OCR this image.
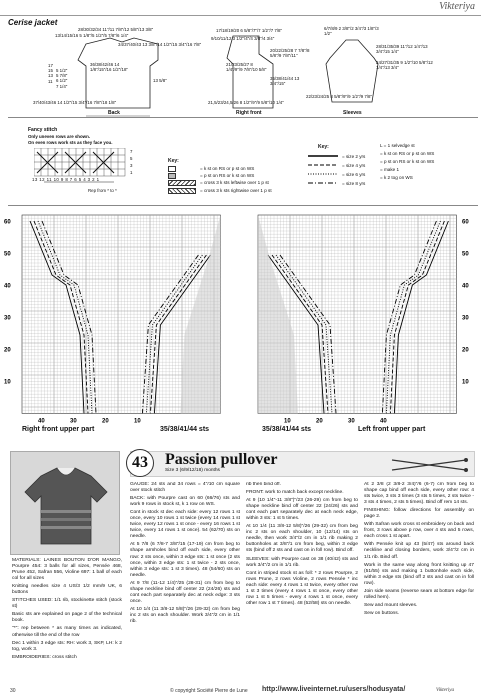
Vikteriya
Cerise jacket
28/30/32/34 11"/11 7/8"/12 5/8"/13 3/8"
13/14/15/16 5 1/8"/5 1/2"/5 7/8"/6 1/4"
34/37/40/43 13 3/8"/14 1/2"/15 3/4"/16 7/8"
17
15
13
11
5 1/2"
5 7/8"
6 1/2"
7 1/4"
36/38/42/46 14 1/8"/15"/16 1/2"/18"
13 5/8"
37/40/43/46 14 1/2"/15 3/4"/16 7/8"/18 1/8"
Back
17/18/19/20 6 5/8"/7"/7 1/2"/7 7/8"
9/10/11/12 3 1/2"/4"/4 3/8"/4 3/4"
20/22/25/28 7 7/8"/8 5/8"/9 7/8"/11"
21/23/25/27 8 1/4"/9"/9 7/8"/10 5/8"
35/38/41/44 13 3/4"/15"
21,5/23/24,5/26 8 1/2"/9"/9 5/8"/10 1/4"
Right front
6/7/8/9 2 3/8"/2 3/4"/3 1/8"/3 1/2"
28/31/35/39 11"/12 1/4"/13 3/4"/15 1/4"
24/27/31/35 9 1/2"/10 5/8"/12 1/4"/13 3/4"
22/23/24/25 8 5/8"/9"/9 1/2"/9 7/8"
Sleeves
Fancy stitch
Only uneven rows are shown.
On even rows work sts as they face you.
7
5
3
1
13 12 11 10 9 8 7 6 5 4 3 2 1
Rep from * to *
Key:
= k st on RS or p st on WS
= p st on RS or k st on WS
= cross 3 k sts leftwise over 1 p st
= cross 3 k sts rightwise over 1 p st
Key:
= size 2 yrs
= size 4 yrs
= size 6 yrs
= size 8 yrs
L = 1 selvedge st
= k st on RS or p st on WS
= p st on RS or k st on WS
= make 1
= k 2 tog on WS
60	60
50	50
40	40
30	30
20	20
10	10
40	30	20	10	10	20	30	40
Right front upper part	35/38/41/44 sts	35/38/41/44 sts	Left front upper part
43	Passion pullover
Size 3 (6/9/12/18) months

MATERIALS: LAINES BOUTON D'OR MANGO, Pourpre 454: 3 balls for all sizes, Pensée 468, Prune 452, Safran 556, Violine 697: 1 ball of each col for all sizes

Knitting needles size 4 US/3 1/2 mm/9 UK, 6 buttons

STITCHES USED: 1/1 rib, stockinette stitch (stock st)

Basic sts are explained on page 2 of the technical book.

"*": rep between * as many times as indicated, otherwise till the end of the row

Dec 1 within 3 edge sts: RH: work 3, SKP, LH: k 2 tog, work 3.

EMBROIDERIES: cross stitch

GAUGE: 24 sts and 34 rows = 4"/10 cm square over stock stitch

BACK: with Pourpre cast on 60 (66/76) sts and work 9 rows in stock st, k 1 row on WS.

Cont in stock st dec each side: every 12 rows 1 st once, every 10 rows 1 st twice (every 14 rows 1 st twice, every 12 rows 1 st once - every 16 rows 1 st twice, every 14 rows 1 st once). 54 (62/70) sts on needle.

At 5 7/8 (6 7/8-7 3/8"/15 (17-19) cm from beg to shape armholes bind off each side, every other row: 2 sts once, within 3 edge sts: 1 st once (2 sts once, within 3 edge sts: 1 st twice - 2 sts once, within 3 edge sts: 1 st 3 times). 48 (54/60) sts on needle.

At 9 7/8 (11-12 1/4)"/25 (28-31) cm from beg to shape neckline bind off center 22 (24/26) sts and cont each part separately dec at neck edge: 3 sts once.

At 10 1/4 (11 3/8-12 5/8)"/26 (29-32) cm from beg inc 2 sts on each shoulder. Work 3/4"/2 cm in 1/1 rib.

rib then bind off.

FRONT: work to match back except neckline.

At 9 (10 1/4"-11 3/8")"/23 (26-29) cm from beg to shape neckline bind off center 22 (24/26) sts and cont each part separately dec at each neck edge, within 3 sts: 1 st 5 times.

At 10 1/4 (11 3/8-12 5/8)"/26 (29-32) cm from beg inc 2 sts on each shoulder, 10 (12/14) sts on needle, then work 3/4"/2 cm in 1/1 rib making 2 buttonholes at 3/8"/1 cm from beg, within 3 edge sts (bind off 2 sts and cast on in foll row). Bind off.

SLEEVES: with Pourpre cast on 38 (40/42) sts and work 3/4"/2 cm in 1/1 rib.

Cont in striped stock st as foll: * 2 rows Pourpre, 2 rows Prune, 2 rows Violine, 2 rows Pensée * inc each side: every 4 rows 1 st twice, every other row 1 st 3 times (every 4 rows 1 st once, every other row 1 st 5 times - every 4 rows 1 st once, every other row 1 st 7 times). 48 (52/58) sts on needle.

At 2 3/8 (2 3/8-2 3/4)"/6 (6-7) cm from beg to shape cap bind off each side, every other row: 4 sts twice, 3 sts 3 times (3 sts 5 times, 2 sts twice - 3 sts 4 times, 2 sts 5 times). Bind off rem 14 sts.

FINISHING: follow directions for assembly on page 2.

With Safran work cross st embroidery on back and front, 3 rows above p row, over 4 sts and 5 rows, each cross 1 st apart.

With Pensée knit up 43 (5/47) sts around back neckline and closing borders, work 3/4"/2 cm in 1/1 rib. Bind off.

Work in the same way along front knitting up 47 (51/55) sts and making 1 buttonhole each side, within 3 edge sts (bind off 2 sts and cast on in foll row).

Join side seams (reverse seam at bottom edge for rolled hem).

Sew and mount sleeves.

Sew on buttons.

30	© copyright Société Pierre de Lune http://www.liveinternet.ru/users/hodusyata/	Vikteriya
